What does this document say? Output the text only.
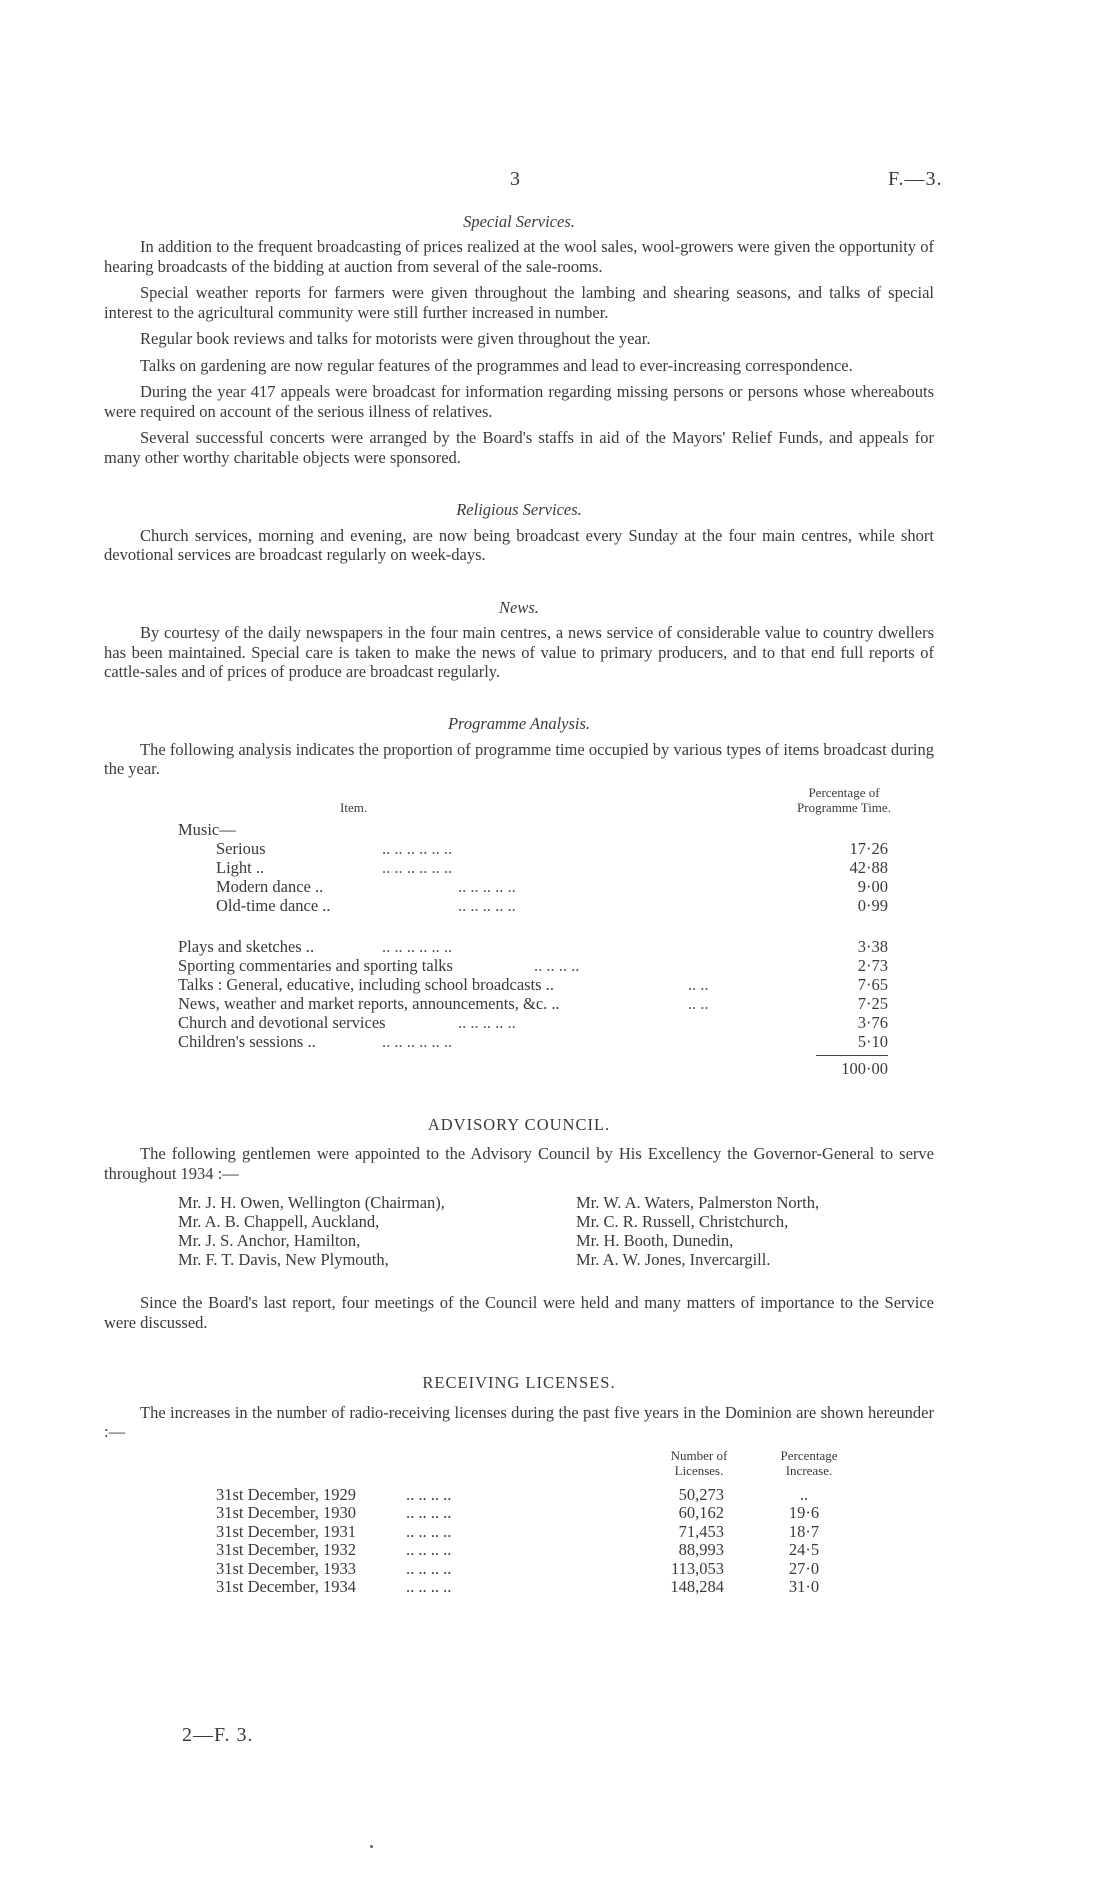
3	F.—3.
Special Services.

In addition to the frequent broadcasting of prices realized at the wool sales, wool-growers were given the opportunity of hearing broadcasts of the bidding at auction from several of the sale-rooms.

Special weather reports for farmers were given throughout the lambing and shearing seasons, and talks of special interest to the agricultural community were still further increased in number.

Regular book reviews and talks for motorists were given throughout the year.

Talks on gardening are now regular features of the programmes and lead to ever-increasing correspondence.

During the year 417 appeals were broadcast for information regarding missing persons or persons whose whereabouts were required on account of the serious illness of relatives.

Several successful concerts were arranged by the Board's staffs in aid of the Mayors' Relief Funds, and appeals for many other worthy charitable objects were sponsored.

Religious Services.

Church services, morning and evening, are now being broadcast every Sunday at the four main centres, while short devotional services are broadcast regularly on week-days.

News.

By courtesy of the daily newspapers in the four main centres, a news service of considerable value to country dwellers has been maintained. Special care is taken to make the news of value to primary producers, and to that end full reports of cattle-sales and of prices of produce are broadcast regularly.

Programme Analysis.

The following analysis indicates the proportion of programme time occupied by various types of items broadcast during the year.

Item.
Percentage of
Programme Time.
Music—
Serious	.. .. .. .. .. ..	17·26
Light ..	.. .. .. .. .. ..	42·88
Modern dance ..	.. .. .. .. ..	9·00
Old-time dance ..	.. .. .. .. ..	0·99
Plays and sketches ..	.. .. .. .. .. ..	3·38
Sporting commentaries and sporting talks	.. .. .. ..	2·73
Talks : General, educative, including school broadcasts ..	.. ..	7·65
News, weather and market reports, announcements, &c. ..	.. ..	7·25
Church and devotional services	.. .. .. .. ..	3·76
Children's sessions ..	.. .. .. .. .. ..	5·10
100·00
ADVISORY COUNCIL.

The following gentlemen were appointed to the Advisory Council by His Excellency the Governor-General to serve throughout 1934 :—

Mr. J. H. Owen, Wellington (Chairman),
Mr. A. B. Chappell, Auckland,
Mr. J. S. Anchor, Hamilton,
Mr. F. T. Davis, New Plymouth,
Mr. W. A. Waters, Palmerston North,
Mr. C. R. Russell, Christchurch,
Mr. H. Booth, Dunedin,
Mr. A. W. Jones, Invercargill.

Since the Board's last report, four meetings of the Council were held and many matters of importance to the Service were discussed.

RECEIVING LICENSES.

The increases in the number of radio-receiving licenses during the past five years in the Dominion are shown hereunder :—

Number of
Licenses.
Percentage
Increase.
31st December, 1929	.. .. .. ..	50,273	..
31st December, 1930	.. .. .. ..	60,162	19·6
31st December, 1931	.. .. .. ..	71,453	18·7
31st December, 1932	.. .. .. ..	88,993	24·5
31st December, 1933	.. .. .. ..	113,053	27·0
31st December, 1934	.. .. .. ..	148,284	31·0
2—F. 3.
